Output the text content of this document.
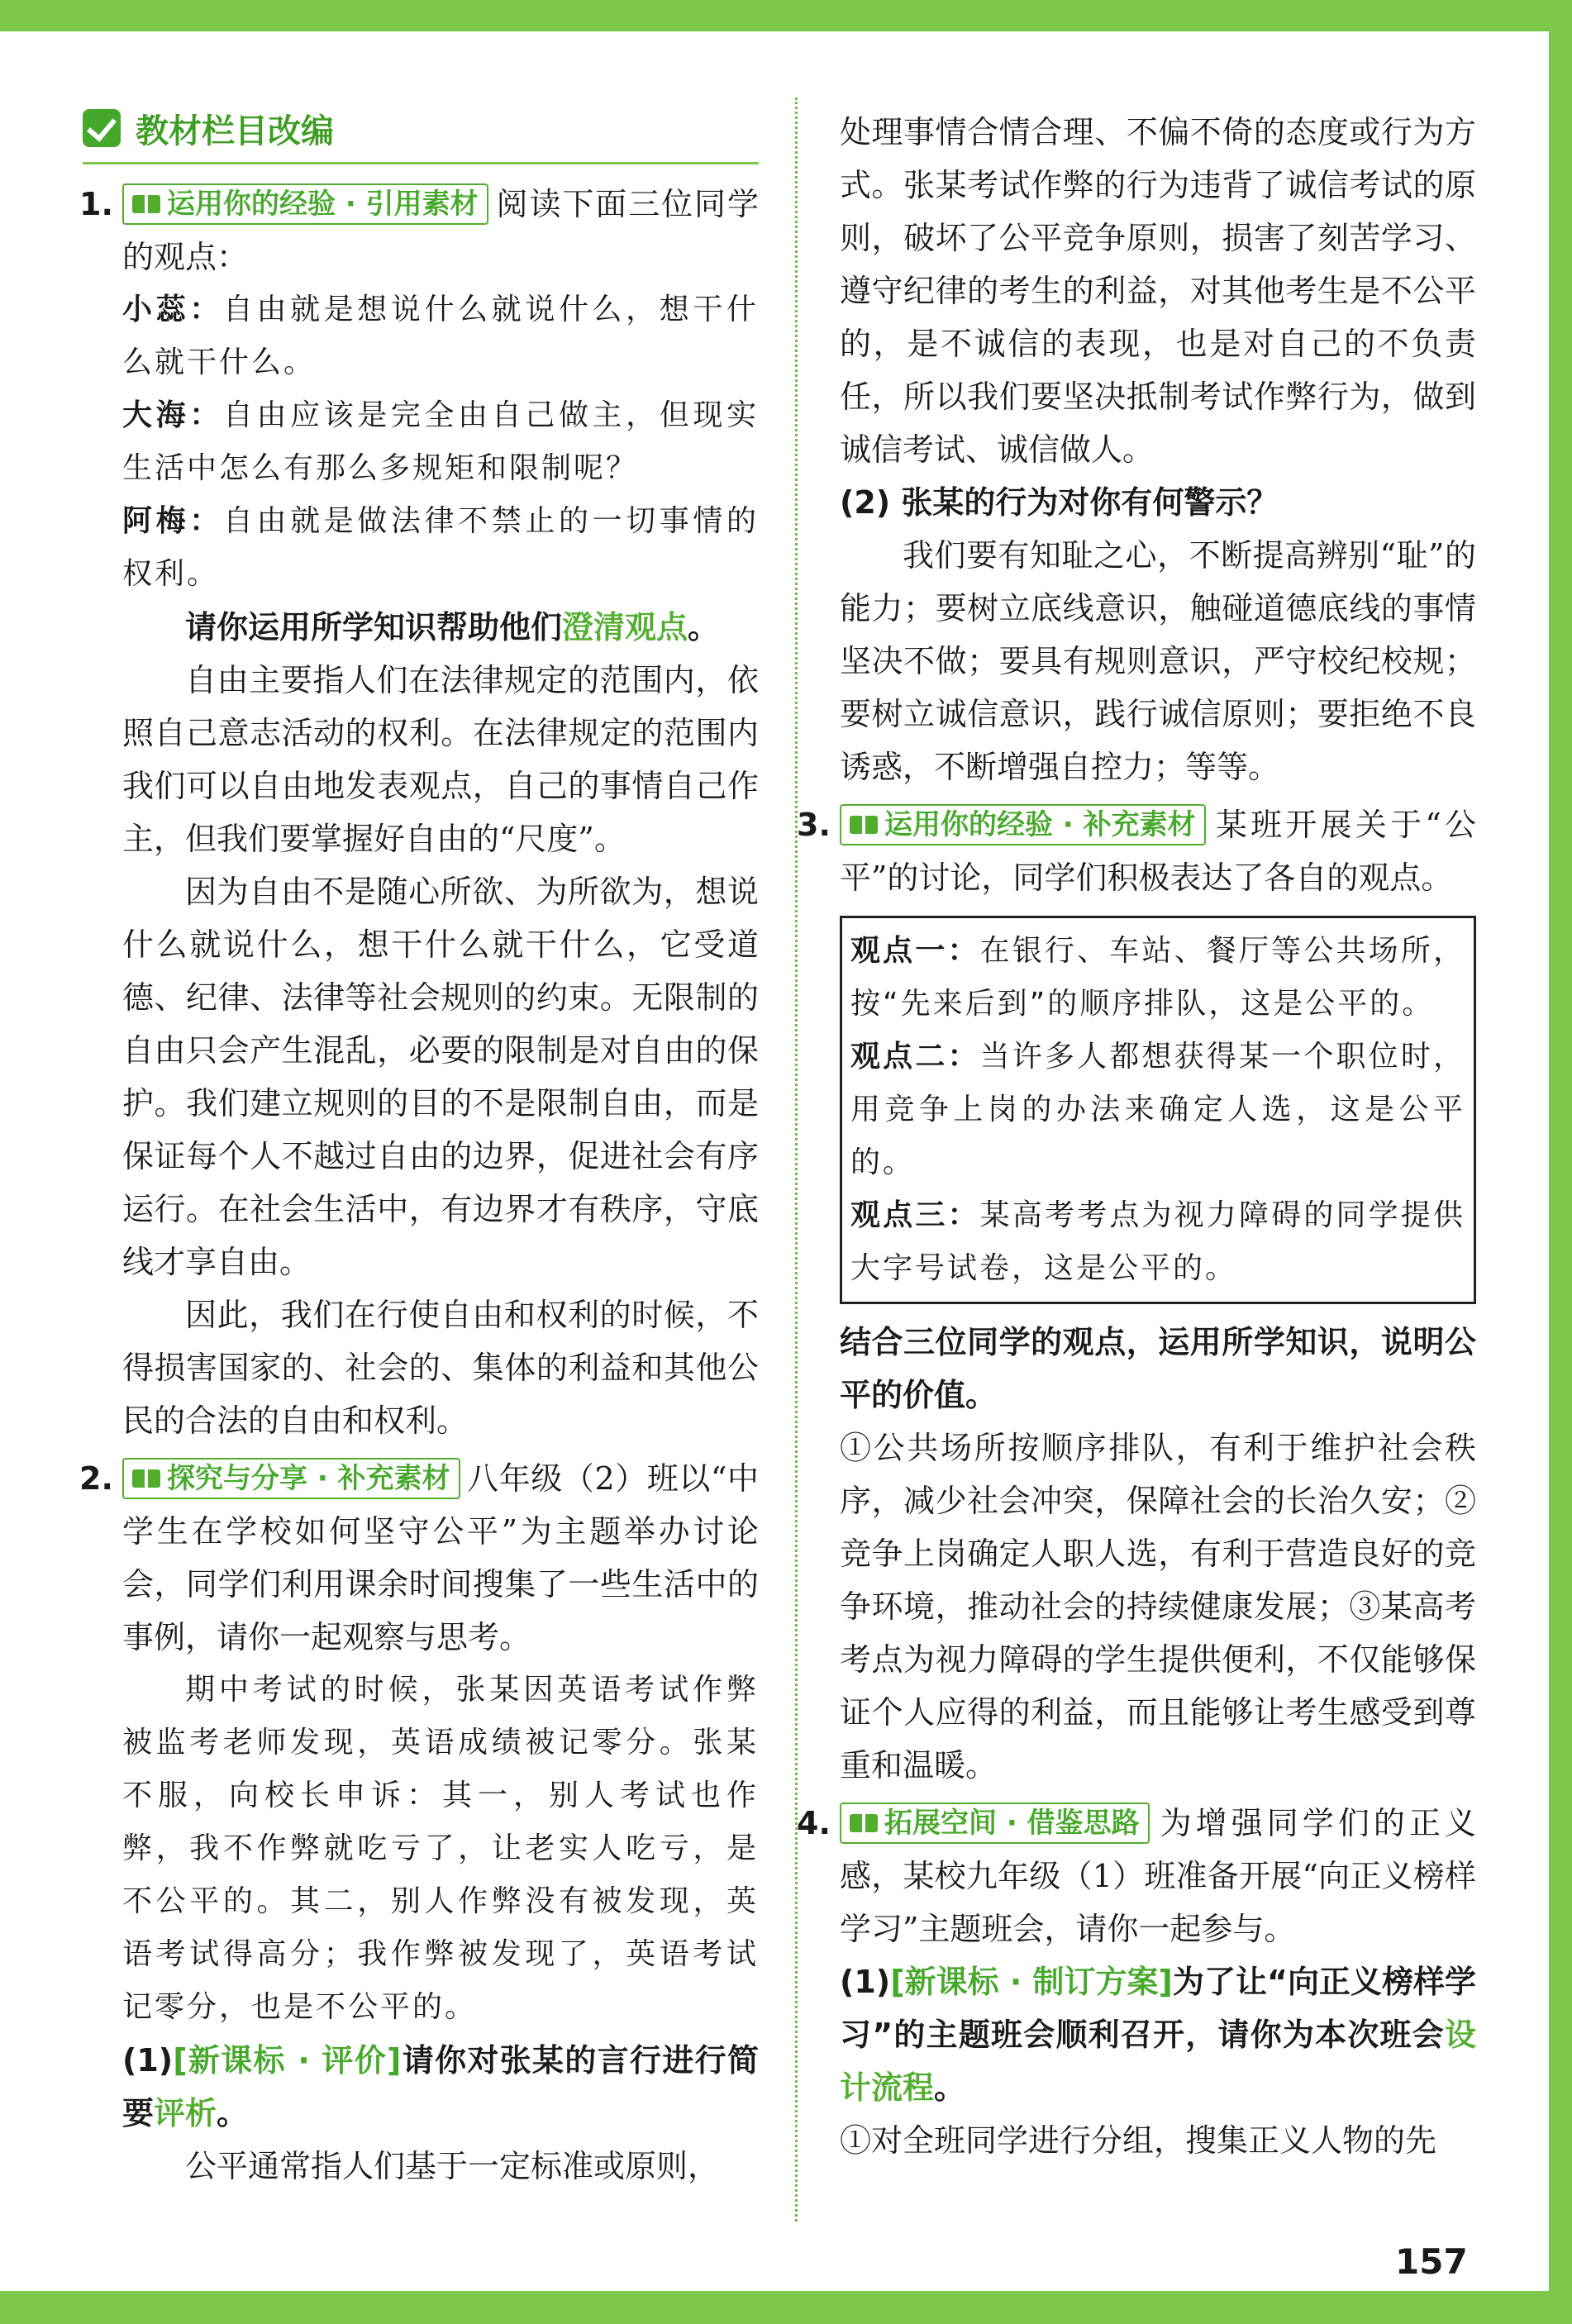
教材栏目改编

1. 运用你的经验 · 引用素材 阅读下面三位同学的观点：

小蕊：自由就是想说什么就说什么，想干什么就干什么。

大海：自由应该是完全由自己做主，但现实生活中怎么有那么多规矩和限制呢？

阿梅：自由就是做法律不禁止的一切事情的权利。

请你运用所学知识帮助他们澄清观点。

自由主要指人们在法律规定的范围内，依照自己意志活动的权利。在法律规定的范围内我们可以自由地发表观点，自己的事情自己作主，但我们要掌握好自由的“尺度”。

因为自由不是随心所欲、为所欲为，想说什么就说什么，想干什么就干什么，它受道德、纪律、法律等社会规则的约束。无限制的自由只会产生混乱，必要的限制是对自由的保护。我们建立规则的目的不是限制自由，而是保证每个人不越过自由的边界，促进社会有序运行。在社会生活中，有边界才有秩序，守底线才享自由。

因此，我们在行使自由和权利的时候，不得损害国家的、社会的、集体的利益和其他公民的合法的自由和权利。

2. 探究与分享 · 补充素材 八年级（2）班以“中学生在学校如何坚守公平”为主题举办讨论会，同学们利用课余时间搜集了一些生活中的事例，请你一起观察与思考。

期中考试的时候，张某因英语考试作弊被监考老师发现，英语成绩被记零分。张某不服，向校长申诉：其一，别人考试也作弊，我不作弊就吃亏了，让老实人吃亏，是不公平的。其二，别人作弊没有被发现，英语考试得高分；我作弊被发现了，英语考试记零分，也是不公平的。

(1)[新课标 · 评价]请你对张某的言行进行简要评析。

公平通常指人们基于一定标准或原则，

处理事情合情合理、不偏不倚的态度或行为方式。张某考试作弊的行为违背了诚信考试的原则，破坏了公平竞争原则，损害了刻苦学习、遵守纪律的考生的利益，对其他考生是不公平的，是不诚信的表现，也是对自己的不负责任，所以我们要坚决抵制考试作弊行为，做到诚信考试、诚信做人。

(2) 张某的行为对你有何警示？

我们要有知耻之心，不断提高辨别“耻”的能力；要树立底线意识，触碰道德底线的事情坚决不做；要具有规则意识，严守校纪校规；要树立诚信意识，践行诚信原则；要拒绝不良诱惑，不断增强自控力；等等。

3. 运用你的经验 · 补充素材 某班开展关于“公平”的讨论，同学们积极表达了各自的观点。

观点一：在银行、车站、餐厅等公共场所，按“先来后到”的顺序排队，这是公平的。

观点二：当许多人都想获得某一个职位时，用竞争上岗的办法来确定人选，这是公平的。

观点三：某高考考点为视力障碍的同学提供大字号试卷，这是公平的。

结合三位同学的观点，运用所学知识，说明公平的价值。

①公共场所按顺序排队，有利于维护社会秩序，减少社会冲突，保障社会的长治久安；②竞争上岗确定人职人选，有利于营造良好的竞争环境，推动社会的持续健康发展；③某高考考点为视力障碍的学生提供便利，不仅能够保证个人应得的利益，而且能够让考生感受到尊重和温暖。

4. 拓展空间 · 借鉴思路 为增强同学们的正义感，某校九年级（1）班准备开展“向正义榜样学习”主题班会，请你一起参与。

(1)[新课标 · 制订方案]为了让“向正义榜样学习”的主题班会顺利召开，请你为本次班会设计流程。

①对全班同学进行分组，搜集正义人物的先

157
